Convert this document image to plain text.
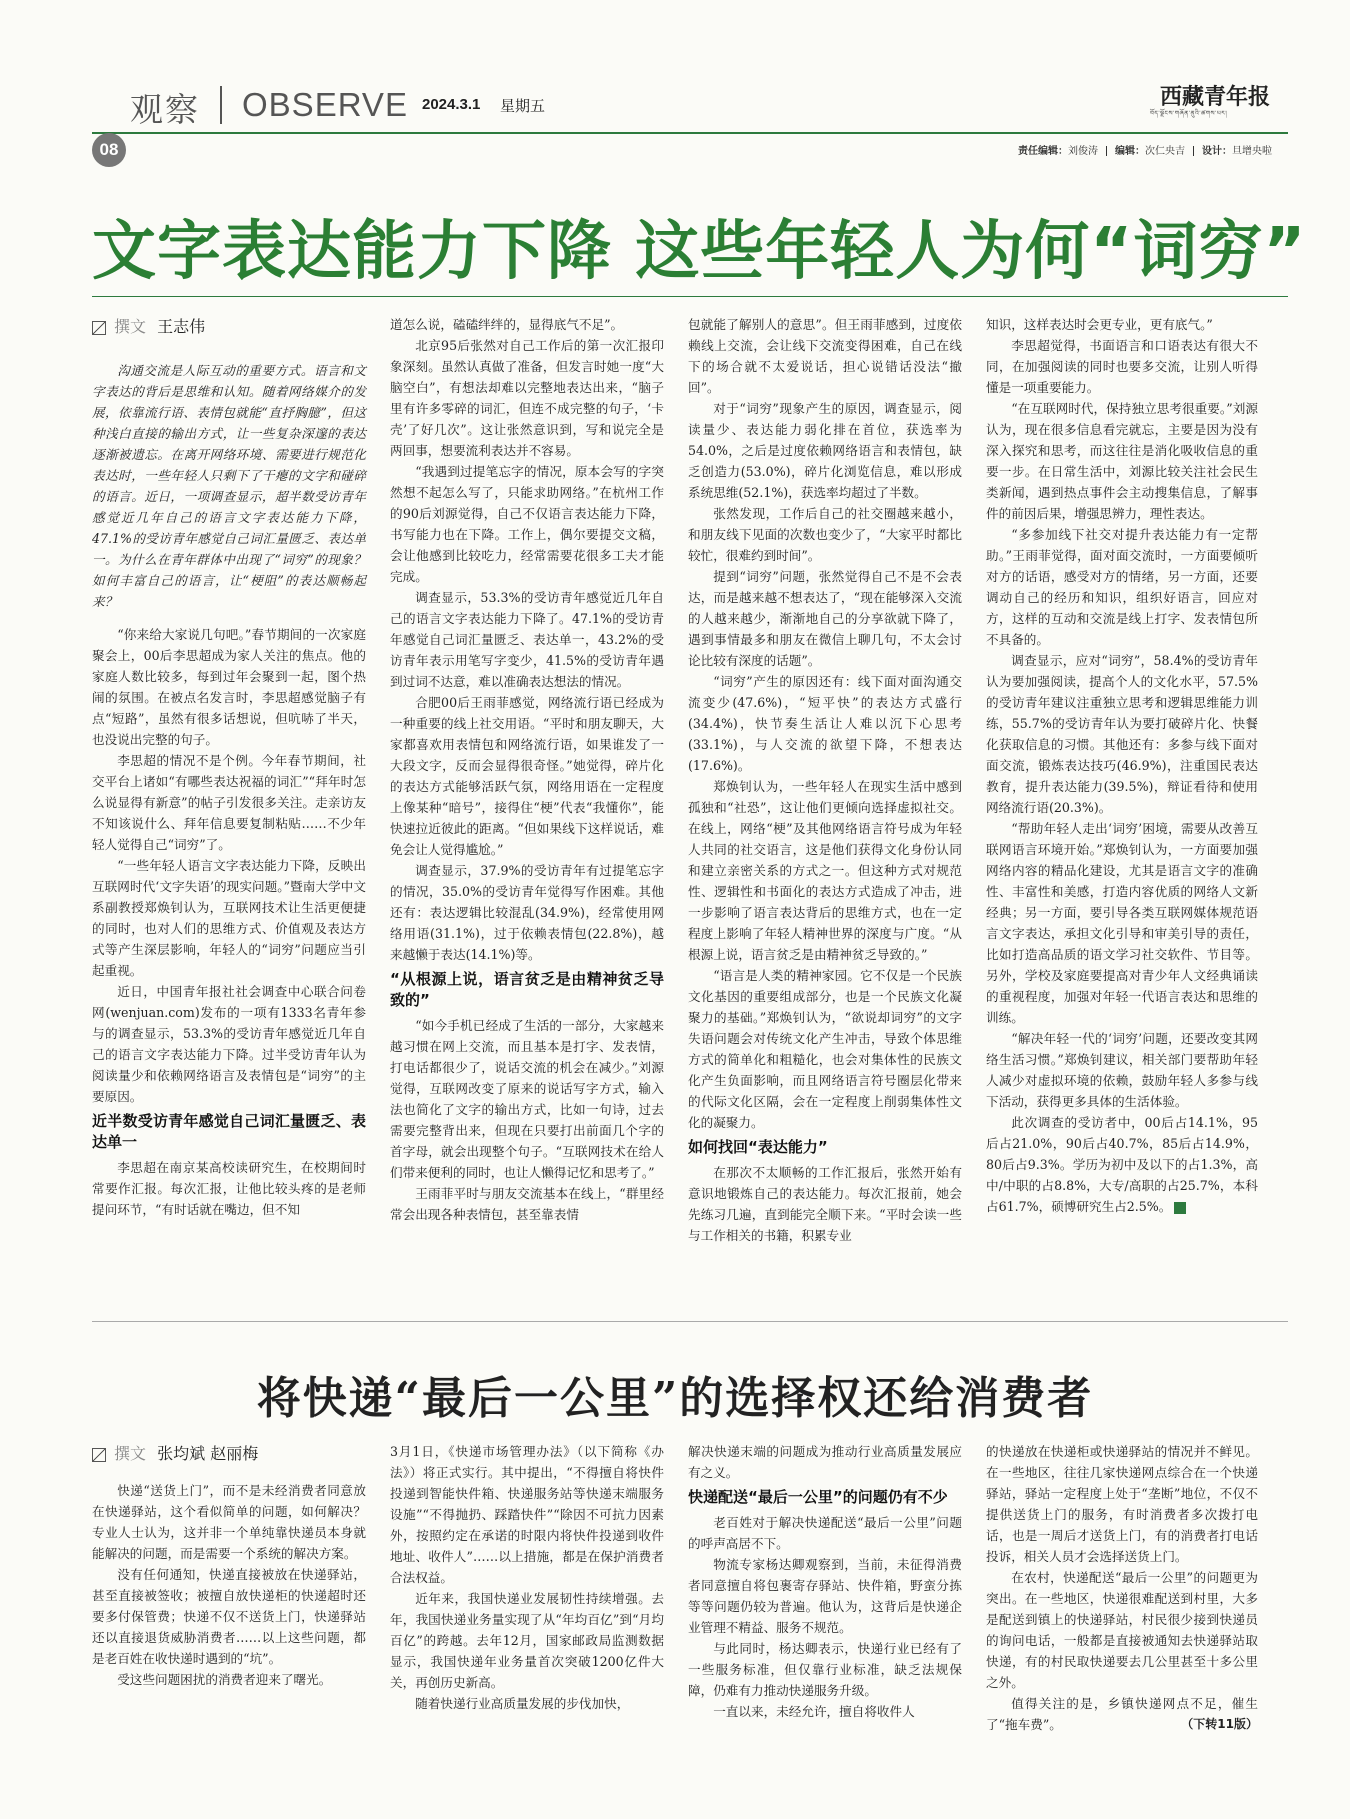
观察 OBSERVE 2024.3.1 星期五	西藏青年报
བོད་ལྗོངས་གཞོན་ནུའི་ཚགས་པར།
08	责任编辑：刘俊涛 编辑：次仁央吉 设计：旦增央啦
文字表达能力下降 这些年轻人为何“词穷”
撰文 王志伟

沟通交流是人际互动的重要方式。语言和文字表达的背后是思维和认知。随着网络媒介的发展，依靠流行语、表情包就能“直抒胸臆”，但这种浅白直接的输出方式，让一些复杂深邃的表达逐渐被遗忘。在离开网络环境、需要进行规范化表达时，一些年轻人只剩下了干瘪的文字和碰碎的语言。近日，一项调查显示，超半数受访青年感觉近几年自己的语言文字表达能力下降，47.1%的受访青年感觉自己词汇量匮乏、表达单一。为什么在青年群体中出现了“词穷”的现象？如何丰富自己的语言，让“梗阻”的表达顺畅起来？

“你来给大家说几句吧。”春节期间的一次家庭聚会上，00后李思超成为家人关注的焦点。他的家庭人数比较多，每到过年会聚到一起，图个热闹的氛围。在被点名发言时，李思超感觉脑子有点“短路”，虽然有很多话想说，但吭哧了半天，也没说出完整的句子。

李思超的情况不是个例。今年春节期间，社交平台上诸如“有哪些表达祝福的词汇”“拜年时怎么说显得有新意”的帖子引发很多关注。走亲访友不知该说什么、拜年信息要复制粘贴……不少年轻人觉得自己“词穷”了。

“一些年轻人语言文字表达能力下降，反映出互联网时代‘文字失语’的现实问题。”暨南大学中文系副教授郑焕钊认为，互联网技术让生活更便捷的同时，也对人们的思维方式、价值观及表达方式等产生深层影响，年轻人的“词穷”问题应当引起重视。

近日，中国青年报社社会调查中心联合问卷网(wenjuan.com)发布的一项有1333名青年参与的调查显示，53.3%的受访青年感觉近几年自己的语言文字表达能力下降。过半受访青年认为阅读量少和依赖网络语言及表情包是“词穷”的主要原因。

近半数受访青年感觉自己词汇量匮乏、表达单一

李思超在南京某高校读研究生，在校期间时常要作汇报。每次汇报，让他比较头疼的是老师提问环节，“有时话就在嘴边，但不知

道怎么说，磕磕绊绊的，显得底气不足”。

北京95后张然对自己工作后的第一次汇报印象深刻。虽然认真做了准备，但发言时她一度“大脑空白”，有想法却难以完整地表达出来，“脑子里有许多零碎的词汇，但连不成完整的句子，‘卡壳’了好几次”。这让张然意识到，写和说完全是两回事，想要流利表达并不容易。

“我遇到过提笔忘字的情况，原本会写的字突然想不起怎么写了，只能求助网络。”在杭州工作的90后刘源觉得，自己不仅语言表达能力下降，书写能力也在下降。工作上，偶尔要提交文稿，会让他感到比较吃力，经常需要花很多工夫才能完成。

调查显示，53.3%的受访青年感觉近几年自己的语言文字表达能力下降了。47.1%的受访青年感觉自己词汇量匮乏、表达单一，43.2%的受访青年表示用笔写字变少，41.5%的受访青年遇到过词不达意，难以准确表达想法的情况。

合肥00后王雨菲感觉，网络流行语已经成为一种重要的线上社交用语。“平时和朋友聊天，大家都喜欢用表情包和网络流行语，如果谁发了一大段文字，反而会显得很奇怪。”她觉得，碎片化的表达方式能够活跃气氛，网络用语在一定程度上像某种“暗号”，接得住“梗”代表“我懂你”，能快速拉近彼此的距离。“但如果线下这样说话，难免会让人觉得尴尬。”

调查显示，37.9%的受访青年有过提笔忘字的情况，35.0%的受访青年觉得写作困难。其他还有：表达逻辑比较混乱(34.9%)，经常使用网络用语(31.1%)，过于依赖表情包(22.8%)，越来越懒于表达(14.1%)等。

“从根源上说，语言贫乏是由精神贫乏导致的”

“如今手机已经成了生活的一部分，大家越来越习惯在网上交流，而且基本是打字、发表情，打电话都很少了，说话交流的机会在减少。”刘源觉得，互联网改变了原来的说话写字方式，输入法也简化了文字的输出方式，比如一句诗，过去需要完整背出来，但现在只要打出前面几个字的首字母，就会出现整个句子。“互联网技术在给人们带来便利的同时，也让人懒得记忆和思考了。”

王雨菲平时与朋友交流基本在线上，“群里经常会出现各种表情包，甚至靠表情

包就能了解别人的意思”。但王雨菲感到，过度依赖线上交流，会让线下交流变得困难，自己在线下的场合就不太爱说话，担心说错话没法“撤回”。

对于“词穷”现象产生的原因，调查显示，阅读量少、表达能力弱化排在首位，获选率为54.0%，之后是过度依赖网络语言和表情包，缺乏创造力(53.0%)，碎片化浏览信息，难以形成系统思维(52.1%)，获选率均超过了半数。

张然发现，工作后自己的社交圈越来越小，和朋友线下见面的次数也变少了，“大家平时都比较忙，很难约到时间”。

提到“词穷”问题，张然觉得自己不是不会表达，而是越来越不想表达了，“现在能够深入交流的人越来越少，渐渐地自己的分享欲就下降了，遇到事情最多和朋友在微信上聊几句，不太会讨论比较有深度的话题”。

“词穷”产生的原因还有：线下面对面沟通交流变少(47.6%)，“短平快”的表达方式盛行(34.4%)，快节奏生活让人难以沉下心思考(33.1%)，与人交流的欲望下降，不想表达(17.6%)。

郑焕钊认为，一些年轻人在现实生活中感到孤独和“社恐”，这让他们更倾向选择虚拟社交。在线上，网络“梗”及其他网络语言符号成为年轻人共同的社交语言，这是他们获得文化身份认同和建立亲密关系的方式之一。但这种方式对规范性、逻辑性和书面化的表达方式造成了冲击，进一步影响了语言表达背后的思维方式，也在一定程度上影响了年轻人精神世界的深度与广度。“从根源上说，语言贫乏是由精神贫乏导致的。”

“语言是人类的精神家园。它不仅是一个民族文化基因的重要组成部分，也是一个民族文化凝聚力的基础。”郑焕钊认为，“欲说却词穷”的文字失语问题会对传统文化产生冲击，导致个体思维方式的简单化和粗糙化，也会对集体性的民族文化产生负面影响，而且网络语言符号圈层化带来的代际文化区隔，会在一定程度上削弱集体性文化的凝聚力。

如何找回“表达能力”

在那次不太顺畅的工作汇报后，张然开始有意识地锻炼自己的表达能力。每次汇报前，她会先练习几遍，直到能完全顺下来。“平时会读一些与工作相关的书籍，积累专业

知识，这样表达时会更专业，更有底气。”

李思超觉得，书面语言和口语表达有很大不同，在加强阅读的同时也要多交流，让别人听得懂是一项重要能力。

“在互联网时代，保持独立思考很重要。”刘源认为，现在很多信息看完就忘，主要是因为没有深入探究和思考，而这往往是消化吸收信息的重要一步。在日常生活中，刘源比较关注社会民生类新闻，遇到热点事件会主动搜集信息，了解事件的前因后果，增强思辨力，理性表达。

“多参加线下社交对提升表达能力有一定帮助。”王雨菲觉得，面对面交流时，一方面要倾听对方的话语，感受对方的情绪，另一方面，还要调动自己的经历和知识，组织好语言，回应对方，这样的互动和交流是线上打字、发表情包所不具备的。

调查显示，应对“词穷”，58.4%的受访青年认为要加强阅读，提高个人的文化水平，57.5%的受访青年建议注重独立思考和逻辑思维能力训练，55.7%的受访青年认为要打破碎片化、快餐化获取信息的习惯。其他还有：多参与线下面对面交流，锻炼表达技巧(46.9%)，注重国民表达教育，提升表达能力(39.5%)，辩证看待和使用网络流行语(20.3%)。

“帮助年轻人走出‘词穷’困境，需要从改善互联网语言环境开始。”郑焕钊认为，一方面要加强网络内容的精品化建设，尤其是语言文字的准确性、丰富性和美感，打造内容优质的网络人文新经典；另一方面，要引导各类互联网媒体规范语言文字表达，承担文化引导和审美引导的责任，比如打造高品质的语文学习社交软件、节目等。另外，学校及家庭要提高对青少年人文经典诵读的重视程度，加强对年轻一代语言表达和思维的训练。

“解决年轻一代的‘词穷’问题，还要改变其网络生活习惯。”郑焕钊建议，相关部门要帮助年轻人减少对虚拟环境的依赖，鼓励年轻人多参与线下活动，获得更多具体的生活体验。

此次调查的受访者中，00后占14.1%，95后占21.0%，90后占40.7%，85后占14.9%，80后占9.3%。学历为初中及以下的占1.3%，高中/中职的占8.8%，大专/高职的占25.7%，本科占61.7%，硕博研究生占2.5%。

将快递“最后一公里”的选择权还给消费者
撰文 张均斌 赵丽梅

快递“送货上门”，而不是未经消费者同意放在快递驿站，这个看似简单的问题，如何解决？专业人士认为，这并非一个单纯靠快递员本身就能解决的问题，而是需要一个系统的解决方案。

没有任何通知，快递直接被放在快递驿站，甚至直接被签收；被擅自放快递柜的快递超时还要多付保管费；快递不仅不送货上门，快递驿站还以直接退货威胁消费者……以上这些问题，都是老百姓在收快递时遇到的“坑”。

受这些问题困扰的消费者迎来了曙光。

3月1日，《快递市场管理办法》（以下简称《办法》）将正式实行。其中提出，“不得擅自将快件投递到智能快件箱、快递服务站等快递末端服务设施”“不得抛扔、踩踏快件”“除因不可抗力因素外，按照约定在承诺的时限内将快件投递到收件地址、收件人”……以上措施，都是在保护消费者合法权益。

近年来，我国快递业发展韧性持续增强。去年，我国快递业务量实现了从“年均百亿”到“月均百亿”的跨越。去年12月，国家邮政局监测数据显示，我国快递年业务量首次突破1200亿件大关，再创历史新高。

随着快递行业高质量发展的步伐加快，

解决快递末端的问题成为推动行业高质量发展应有之义。

快递配送“最后一公里”的问题仍有不少

老百姓对于解决快递配送“最后一公里”问题的呼声高居不下。

物流专家杨达卿观察到，当前，未征得消费者同意擅自将包裹寄存驿站、快件箱，野蛮分拣等等问题仍较为普遍。他认为，这背后是快递企业管理不精益、服务不规范。

与此同时，杨达卿表示，快递行业已经有了一些服务标准，但仅靠行业标准，缺乏法规保障，仍难有力推动快递服务升级。

一直以来，未经允许，擅自将收件人

的快递放在快递柜或快递驿站的情况并不鲜见。在一些地区，往往几家快递网点综合在一个快递驿站，驿站一定程度上处于“垄断”地位，不仅不提供送货上门的服务，有时消费者多次拨打电话，也是一周后才送货上门，有的消费者打电话投诉，相关人员才会选择送货上门。

在农村，快递配送“最后一公里”的问题更为突出。在一些地区，快递很难配送到村里，大多是配送到镇上的快递驿站，村民很少接到快递员的询问电话，一般都是直接被通知去快递驿站取快递，有的村民取快递要去几公里甚至十多公里之外。

值得关注的是，乡镇快递网点不足，催生了“拖车费”。	（下转11版）
